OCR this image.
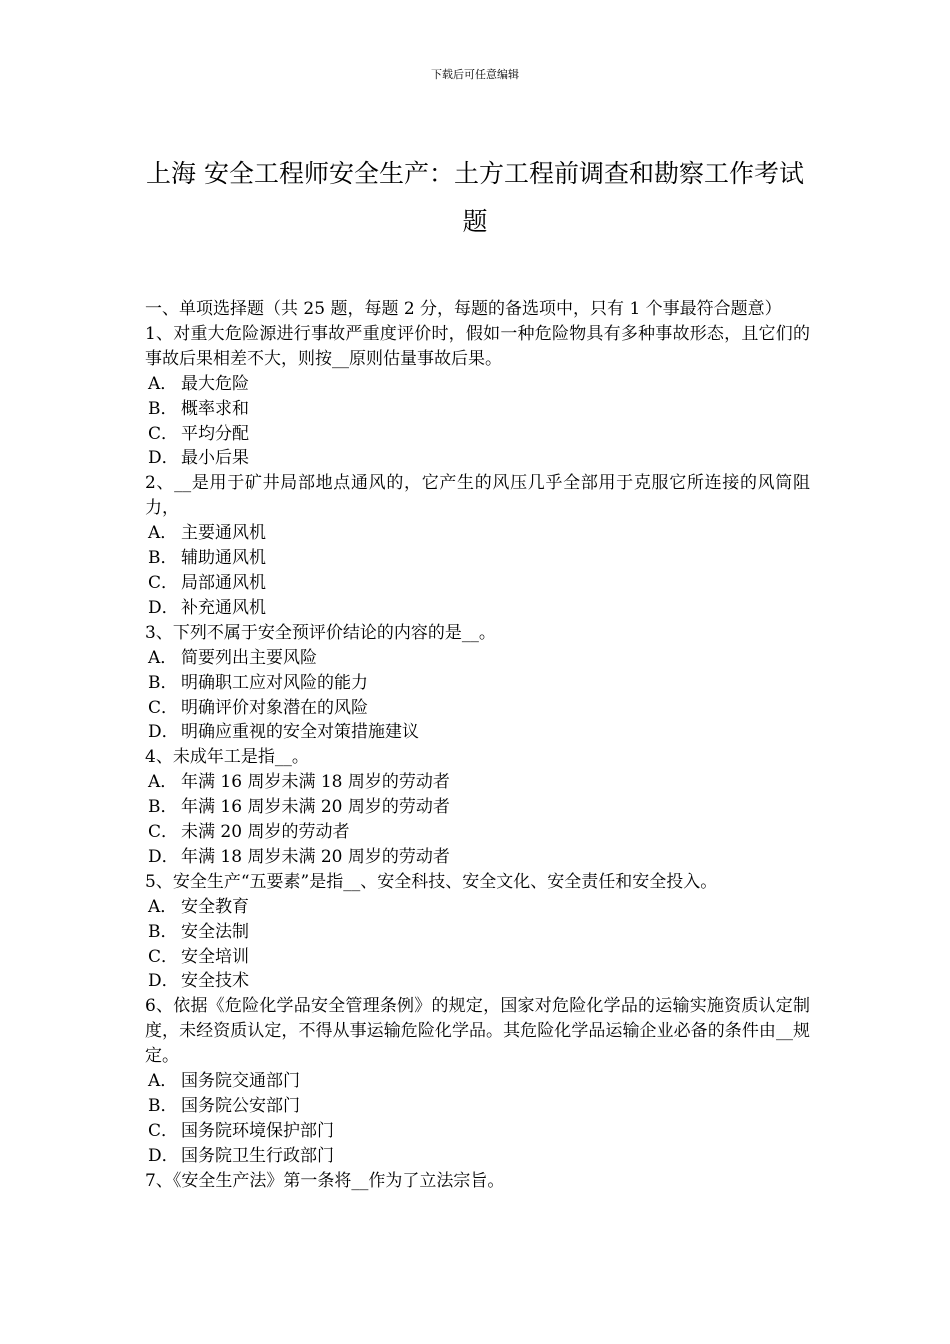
下载后可任意编辑
上海 安全工程师安全生产：土方工程前调查和勘察工作考试题

一、单项选择题（共 25 题，每题 2 分，每题的备选项中，只有 1 个事最符合题意）

1、对重大危险源进行事故严重度评价时，假如一种危险物具有多种事故形态，且它们的事故后果相差不大，则按__原则估量事故后果。

A． 最大危险

B． 概率求和

C． 平均分配

D． 最小后果

2、__是用于矿井局部地点通风的，它产生的风压几乎全部用于克服它所连接的风筒阻力，

A． 主要通风机

B． 辅助通风机

C． 局部通风机

D． 补充通风机

3、下列不属于安全预评价结论的内容的是__。

A． 简要列出主要风险

B． 明确职工应对风险的能力

C． 明确评价对象潜在的风险

D． 明确应重视的安全对策措施建议

4、未成年工是指__。

A． 年满 16 周岁未满 18 周岁的劳动者

B． 年满 16 周岁未满 20 周岁的劳动者

C． 未满 20 周岁的劳动者

D． 年满 18 周岁未满 20 周岁的劳动者

5、安全生产“五要素”是指__、安全科技、安全文化、安全责任和安全投入。

A． 安全教育

B． 安全法制

C． 安全培训

D． 安全技术

6、依据《危险化学品安全管理条例》的规定，国家对危险化学品的运输实施资质认定制度，未经资质认定，不得从事运输危险化学品。其危险化学品运输企业必备的条件由__规定。

A． 国务院交通部门

B． 国务院公安部门

C． 国务院环境保护部门

D． 国务院卫生行政部门

7、《安全生产法》第一条将__作为了立法宗旨。
